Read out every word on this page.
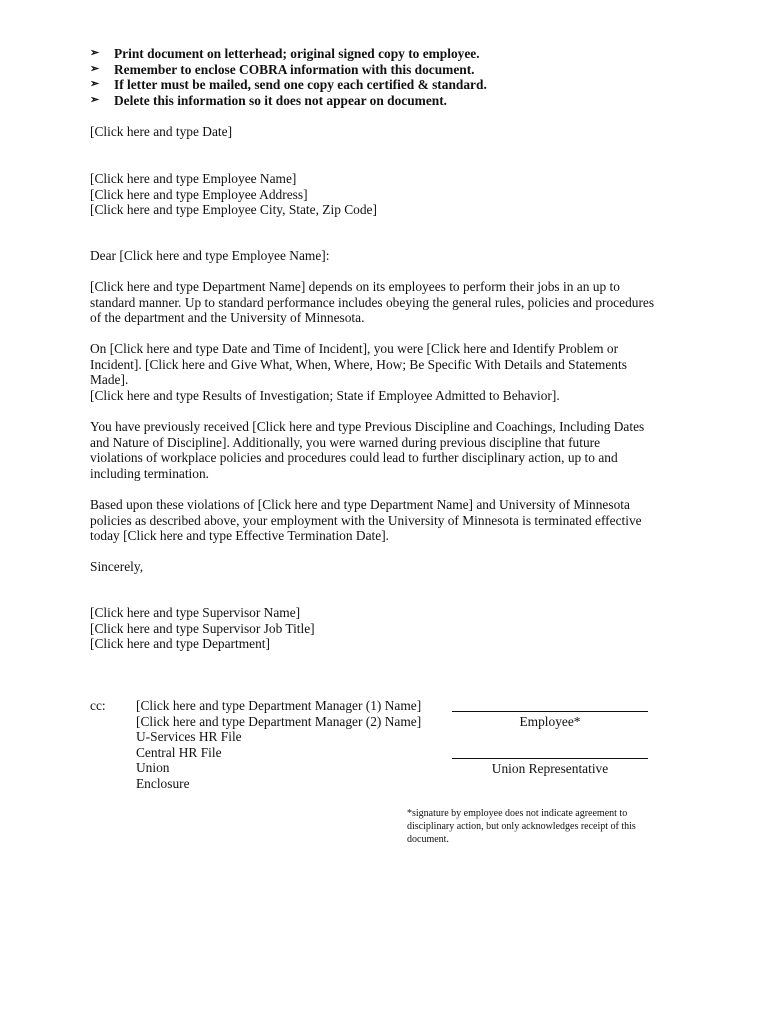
➢ Print document on letterhead; original signed copy to employee.
➢ Remember to enclose COBRA information with this document.
➢ If letter must be mailed, send one copy each certified & standard.
➢ Delete this information so it does not appear on document.
[Click here and type Date]
[Click here and type Employee Name]
[Click here and type Employee Address]
[Click here and type Employee City, State, Zip Code]
Dear [Click here and type Employee Name]:
[Click here and type Department Name] depends on its employees to perform their jobs in an up to
standard manner. Up to standard performance includes obeying the general rules, policies and procedures
of the department and the University of Minnesota.
On [Click here and type Date and Time of Incident], you were [Click here and Identify Problem or
Incident]. [Click here and Give What, When, Where, How; Be Specific With Details and Statements
Made].
[Click here and type Results of Investigation; State if Employee Admitted to Behavior].
You have previously received [Click here and type Previous Discipline and Coachings, Including Dates
and Nature of Discipline]. Additionally, you were warned during previous discipline that future
violations of workplace policies and procedures could lead to further disciplinary action, up to and
including termination.
Based upon these violations of [Click here and type Department Name] and University of Minnesota
policies as described above, your employment with the University of Minnesota is terminated effective
today [Click here and type Effective Termination Date].
Sincerely,
[Click here and type Supervisor Name]
[Click here and type Supervisor Job Title]
[Click here and type Department]
cc: [Click here and type Department Manager (1) Name]
[Click here and type Department Manager (2) Name]
U-Services HR File
Central HR File
Union
Enclosure
Employee*
Union Representative
*signature by employee does not indicate agreement to
disciplinary action, but only acknowledges receipt of this
document.
